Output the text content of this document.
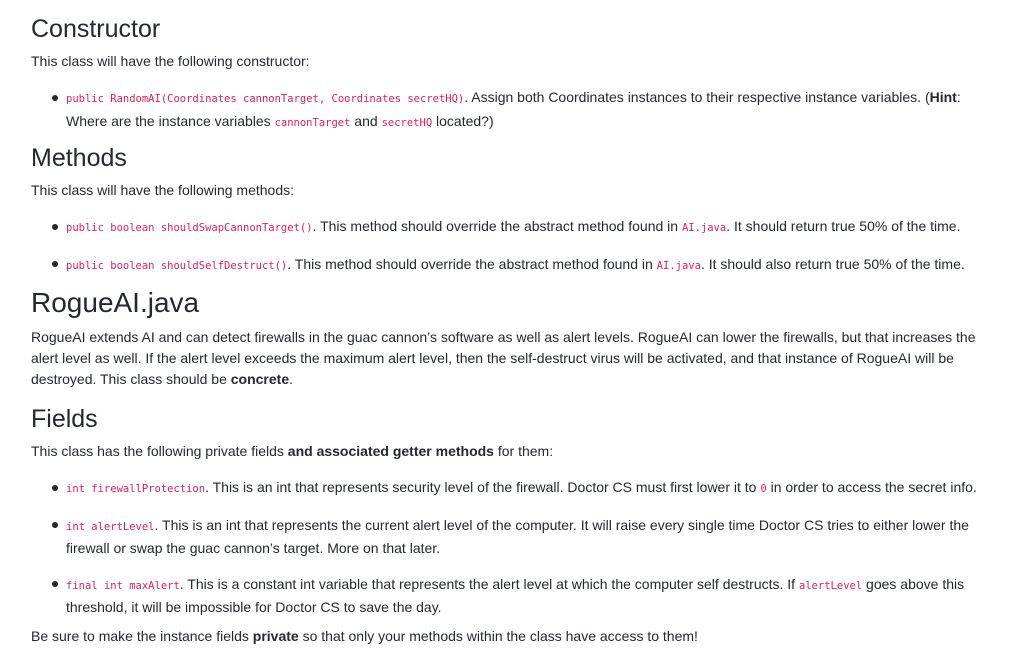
Constructor

This class will have the following constructor:

public RandomAI(Coordinates cannonTarget, Coordinates secretHQ). Assign both Coordinates instances to their respective instance variables. (Hint: Where are the instance variables cannonTarget and secretHQ located?)
Methods

This class will have the following methods:

public boolean shouldSwapCannonTarget(). This method should override the abstract method found in AI.java. It should return true 50% of the time.
public boolean shouldSelfDestruct(). This method should override the abstract method found in AI.java. It should also return true 50% of the time.
RogueAI.java

RogueAI extends AI and can detect firewalls in the guac cannon’s software as well as alert levels. RogueAI can lower the firewalls, but that increases the alert level as well. If the alert level exceeds the maximum alert level, then the self-destruct virus will be activated, and that instance of RogueAI will be destroyed. This class should be concrete.

Fields

This class has the following private fields and associated getter methods for them:

int firewallProtection. This is an int that represents security level of the firewall. Doctor CS must first lower it to 0 in order to access the secret info.
int alertLevel. This is an int that represents the current alert level of the computer. It will raise every single time Doctor CS tries to either lower the firewall or swap the guac cannon’s target. More on that later.
final int maxAlert. This is a constant int variable that represents the alert level at which the computer self destructs. If alertLevel goes above this threshold, it will be impossible for Doctor CS to save the day.

Be sure to make the instance fields private so that only your methods within the class have access to them!
